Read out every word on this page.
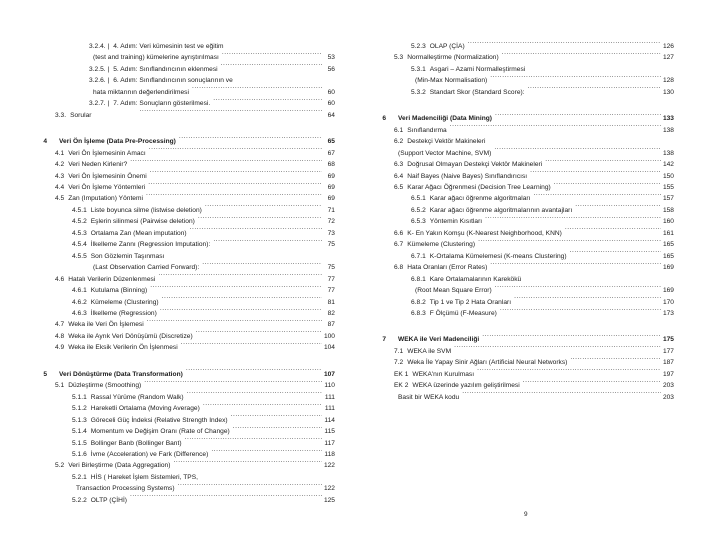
3.2.4. | 4. Adım: Veri kümesinin test ve eğitim
(test and training) kümelerine ayrıştırılması .....	53
3.2.5. | 5. Adım: Sınıflandırıcının eklenmesi .....	56
3.2.6. | 6. Adım: Sınıflandırıcının sonuçlarının ve
hata miktarının değerlendirilmesi .....	60
3.2.7. | 7. Adım: Sonuçların gösterilmesi. .....	60
3.3. Sorular .....	64
4	Veri Ön İşleme (Data Pre-Processing) .....	65
4.1 Veri Ön İşlemesinin Amacı .....	67
4.2 Veri Neden Kirlenir? .....	68
4.3 Veri Ön İşlemesinin Önemi .....	69
4.4 Veri Ön İşleme Yöntemleri .....	69
4.5 Zan (Imputation) Yöntemi .....	69
4.5.1 Liste boyunca silme (listwise deletion) .....	71
4.5.2 Eşlerin silinmesi (Pairwise deletion) .....	72
4.5.3 Ortalama Zan (Mean imputation) .....	73
4.5.4 İlkelleme Zannı (Regression Imputation): .....	75
4.5.5 Son Gözlemin Taşınması
(Last Observation Carried Forward): .....	75
4.6 Hatalı Verilerin Düzenlenmesi .....	77
4.6.1 Kutulama (Binning) .....	77
4.6.2 Kümeleme (Clustering) .....	81
4.6.3 İlkelleme (Regression) .....	82
4.7 Weka ile Veri Ön İşlemesi .....	87
4.8 Weka ile Ayrık Veri Dönüşümü (Discretize) .....	100
4.9 Weka ile Eksik Verilerin Ön İşlenmesi .....	104
5	Veri Dönüştürme (Data Transformation) .....	107
5.1 Düzleştirme (Smoothing) .....	110
5.1.1 Rassal Yürüme (Random Walk) .....	111
5.1.2 Hareketli Ortalama (Moving Average) .....	111
5.1.3 Göreceli Güç İndeksi (Relative Strength Index) .....	114
5.1.4 Momentum ve Değişim Oranı (Rate of Change) .....	115
5.1.5 Bollinger Banb (Bollinger Bant) .....	117
5.1.6 İvme (Acceleration) ve Fark (Difference) .....	118
5.2 Veri Birleştirme (Data Aggregation) .....	122
5.2.1 HİS ( Hareket İşlem Sistemleri, TPS,
Transaction Processing Systems) .....	122
5.2.2 OLTP (ÇİHİ) .....	125
5.2.3 OLAP (ÇİA) .....	126
5.3 Normalleştirme (Normalization) .....	127
5.3.1 Asgari – Azami Normalleştirmesi
(Min-Max Normalisation) .....	128
5.3.2 Standart Skor (Standard Score): .....	130
6	Veri Madenciliği (Data Mining) .....	133
6.1 Sınıflandırma .....	138
6.2 Destekçi Vektör Makineleri
(Support Vector Machine, SVM) .....	138
6.3 Doğrusal Olmayan Destekçi Vektör Makineleri .....	142
6.4 Naif Bayes (Naive Bayes) Sınıflandırıcısı .....	150
6.5 Karar Ağacı Öğrenmesi (Decision Tree Learning) .....	155
6.5.1 Karar ağacı öğrenme algoritmaları .....	157
6.5.2 Karar ağacı öğrenme algoritmalarının avantajları .....	158
6.5.3 Yöntemin Kısıtları .....	160
6.6 K- En Yakın Komşu (K-Nearest Neighborhood, KNN) .....	161
6.7 Kümeleme (Clustering) .....	165
6.7.1 K-Ortalama Kümelemesi (K-means Clustering) .....	165
6.8 Hata Oranları (Error Rates) .....	169
6.8.1 Kare Ortalamalarının Karekökü
(Root Mean Square Error) .....	169
6.8.2 Tip 1 ve Tip 2 Hata Oranları .....	170
6.8.3 F Ölçümü (F-Measure) .....	173
7	WEKA ile Veri Madenciliği .....	175
7.1 WEKA ile SVM .....	177
7.2 Weka İle Yapay Sinir Ağları (Artificial Neural Networks) .....	187
EK 1 WEKA'nın Kurulması .....	197
EK 2 WEKA üzerinde yazılım geliştirilmesi .....	203
Basit bir WEKA kodu .....	203
9
